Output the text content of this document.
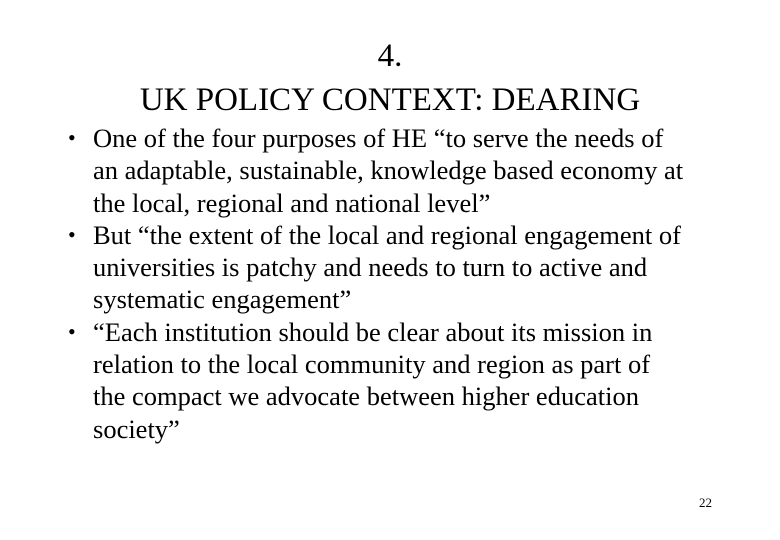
4.
UK POLICY CONTEXT: DEARING
• One of the four purposes of HE “to serve the needs of
an adaptable, sustainable, knowledge based economy at
the local, regional and national level”
• But “the extent of the local and regional engagement of
universities is patchy and needs to turn to active and
systematic engagement”
• “Each institution should be clear about its mission in
relation to the local community and region as part of
the compact we advocate between higher education
society”
22
